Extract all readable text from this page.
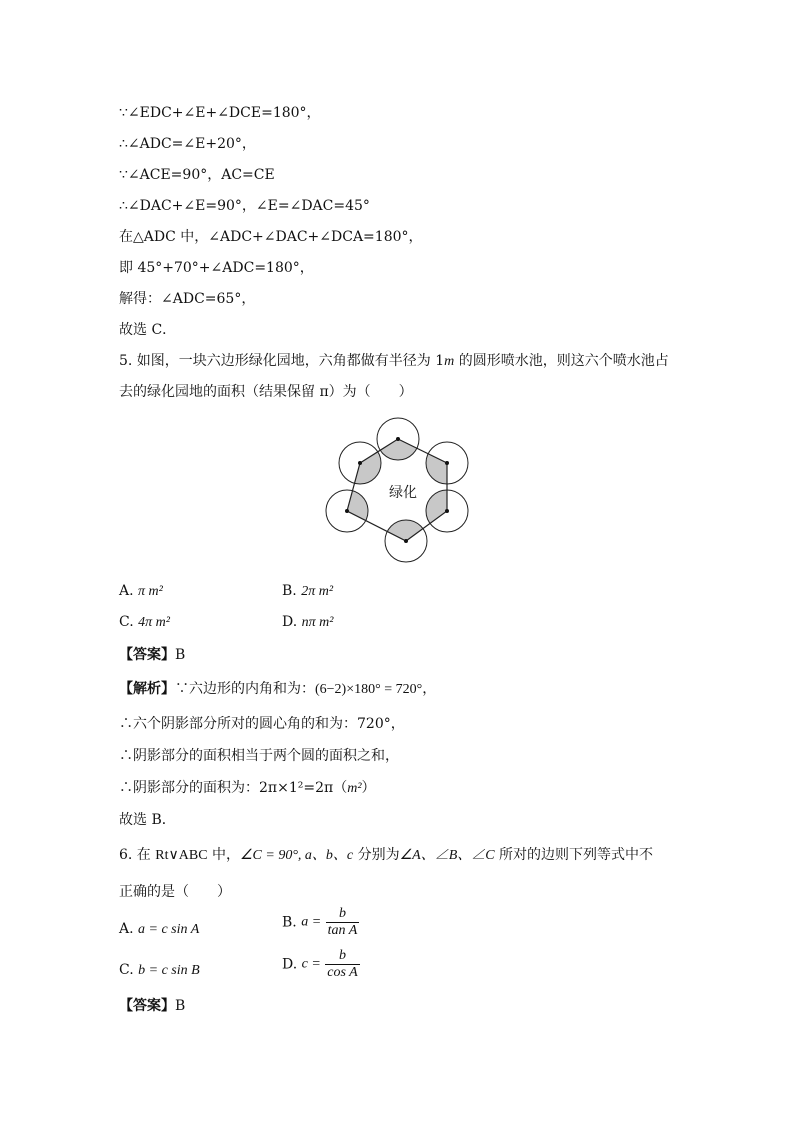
∵∠EDC+∠E+∠DCE=180°，
∴∠ADC=∠E+20°，
∵∠ACE=90°，AC=CE
∴∠DAC+∠E=90°，∠E=∠DAC=45°
在△ADC 中，∠ADC+∠DAC+∠DCA=180°，
即 45°+70°+∠ADC=180°，
解得：∠ADC=65°，
故选 C．
5. 如图，一块六边形绿化园地，六角都做有半径为 1m 的圆形喷水池，则这六个喷水池占
去的绿化园地的面积（结果保留 π）为（　　）
绿化
A. π m²	B. 2π m²
C. 4π m²	D. nπ m²
【答案】B
【解析】∵六边形的内角和为：(6−2)×180° = 720°，
∴六个阴影部分所对的圆心角的和为：720°，
∴阴影部分的面积相当于两个圆的面积之和，
∴阴影部分的面积为：2π×1²=2π（m²）
故选 B．
6. 在 Rt∨ABC 中，∠C = 90°, a、b、c 分别为∠A、∠B、∠C 所对的边则下列等式中不
正确的是（　　）
A. a = c sin A	B. $a = \frac{b}{\text{tan A}}$
C. b = c sin B	D. $c = \frac{b}{\text{cos A}}$
【答案】B
